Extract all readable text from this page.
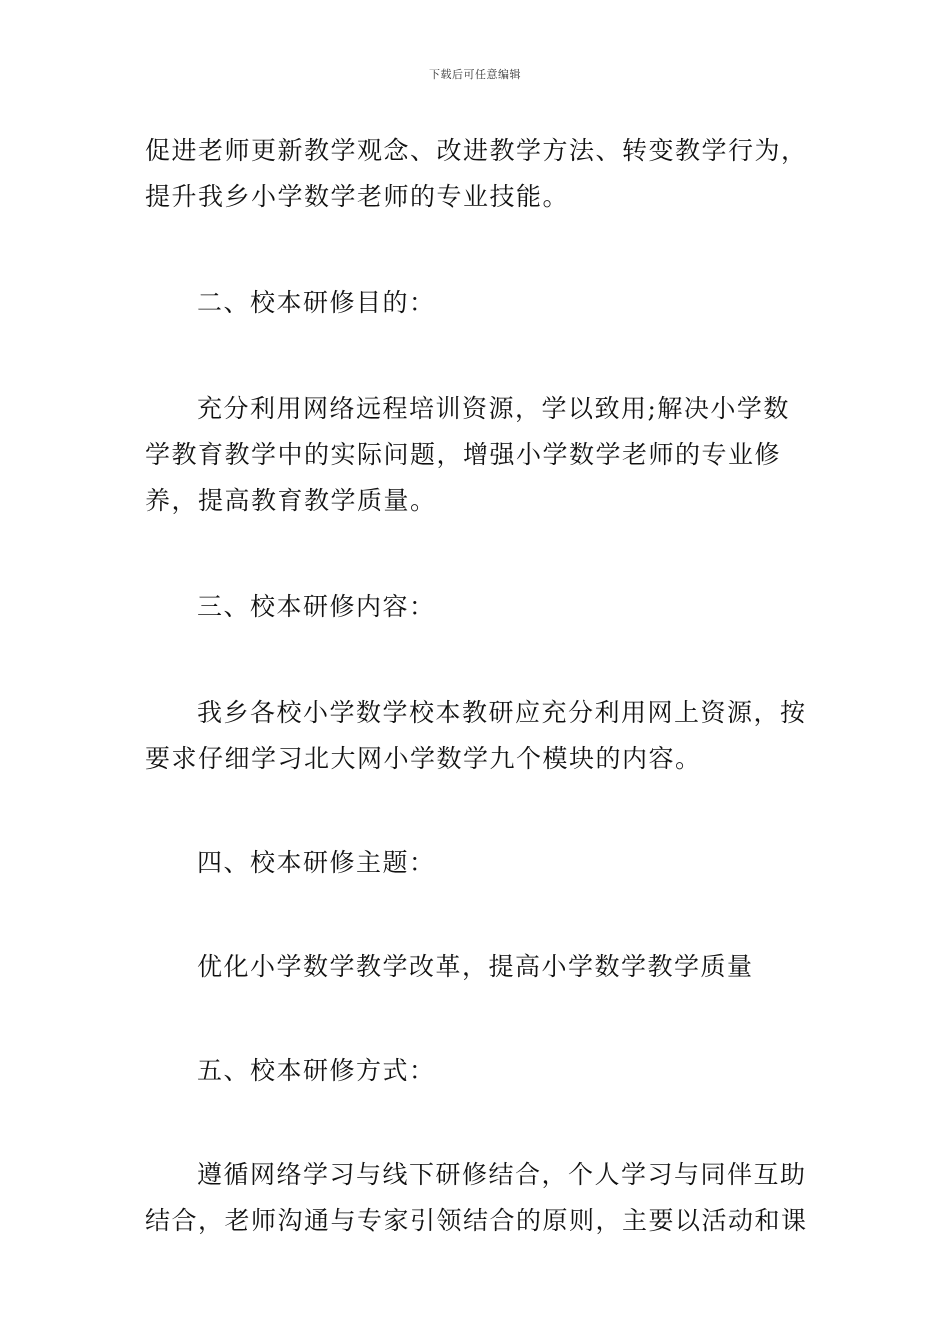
下载后可任意编辑

促进老师更新教学观念、改进教学方法、转变教学行为，提升我乡小学数学老师的专业技能。

二、校本研修目的：

充分利用网络远程培训资源，学以致用;解决小学数学教育教学中的实际问题，增强小学数学老师的专业修养，提高教育教学质量。

三、校本研修内容：

我乡各校小学数学校本教研应充分利用网上资源，按要求仔细学习北大网小学数学九个模块的内容。

四、校本研修主题：

优化小学数学教学改革，提高小学数学教学质量

五、校本研修方式：

遵循网络学习与线下研修结合，个人学习与同伴互助结合，老师沟通与专家引领结合的原则，主要以活动和课
